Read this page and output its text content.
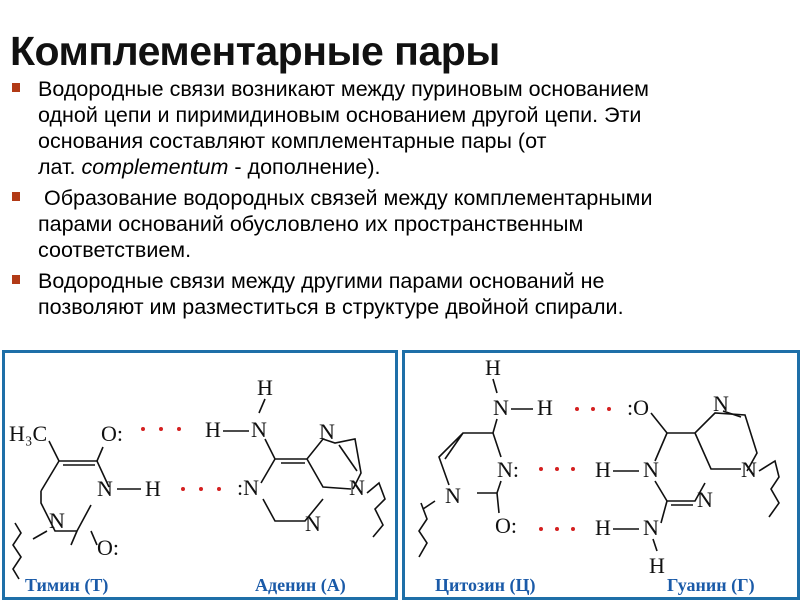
Комплементарные пары
Водородные связи возникают между пуриновым основанием
одной цепи и пиримидиновым основанием другой цепи. Эти
основания составляют комплементарные пары (от
лат. complementum - дополнение).
Образование водородных связей между комплементарными
парами оснований обусловлено их пространственным
соответствием.
Водородные связи между другими парами оснований не
позволяют им разместиться в структуре двойной спирали.
H₃C O:
N H
N
O:
H
N
H	N
:N	N
N
Тимин (Т)	Аденин (А)
H
N H	:O
N:
N
O:
H N
H N
H
N
N
N
Цитозин (Ц)	Гуанин (Г)
